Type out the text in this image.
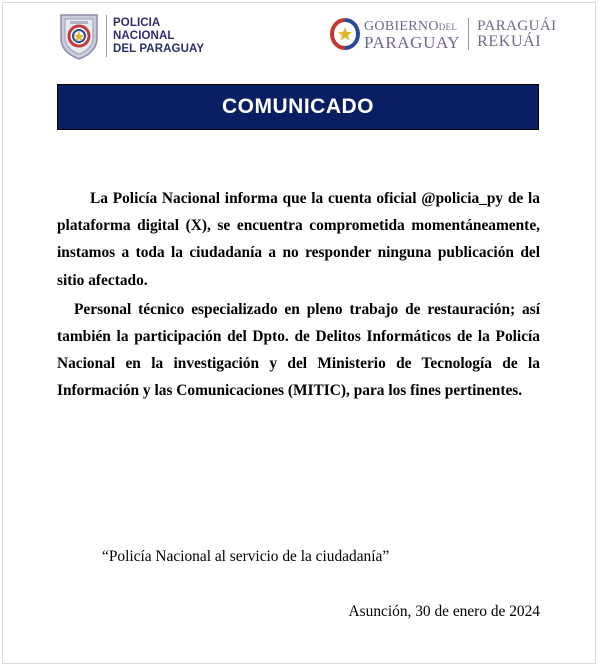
POLICIA
NACIONAL
DEL PARAGUAY
GOBIERNODEL
PARAGUAY
PARAGUÁI
REKUÁI
COMUNICADO

La Policía Nacional informa que la cuenta oficial @policia_py de la plataforma digital (X), se encuentra comprometida momentáneamente, instamos a toda la ciudadanía a no responder ninguna publicación del sitio afectado.

Personal técnico especializado en pleno trabajo de restauración; así también la participación del Dpto. de Delitos Informáticos de la Policía Nacional en la investigación y del Ministerio de Tecnología de la Información y las Comunicaciones (MITIC), para los fines pertinentes.

“Policía Nacional al servicio de la ciudadanía”
Asunción, 30 de enero de 2024
